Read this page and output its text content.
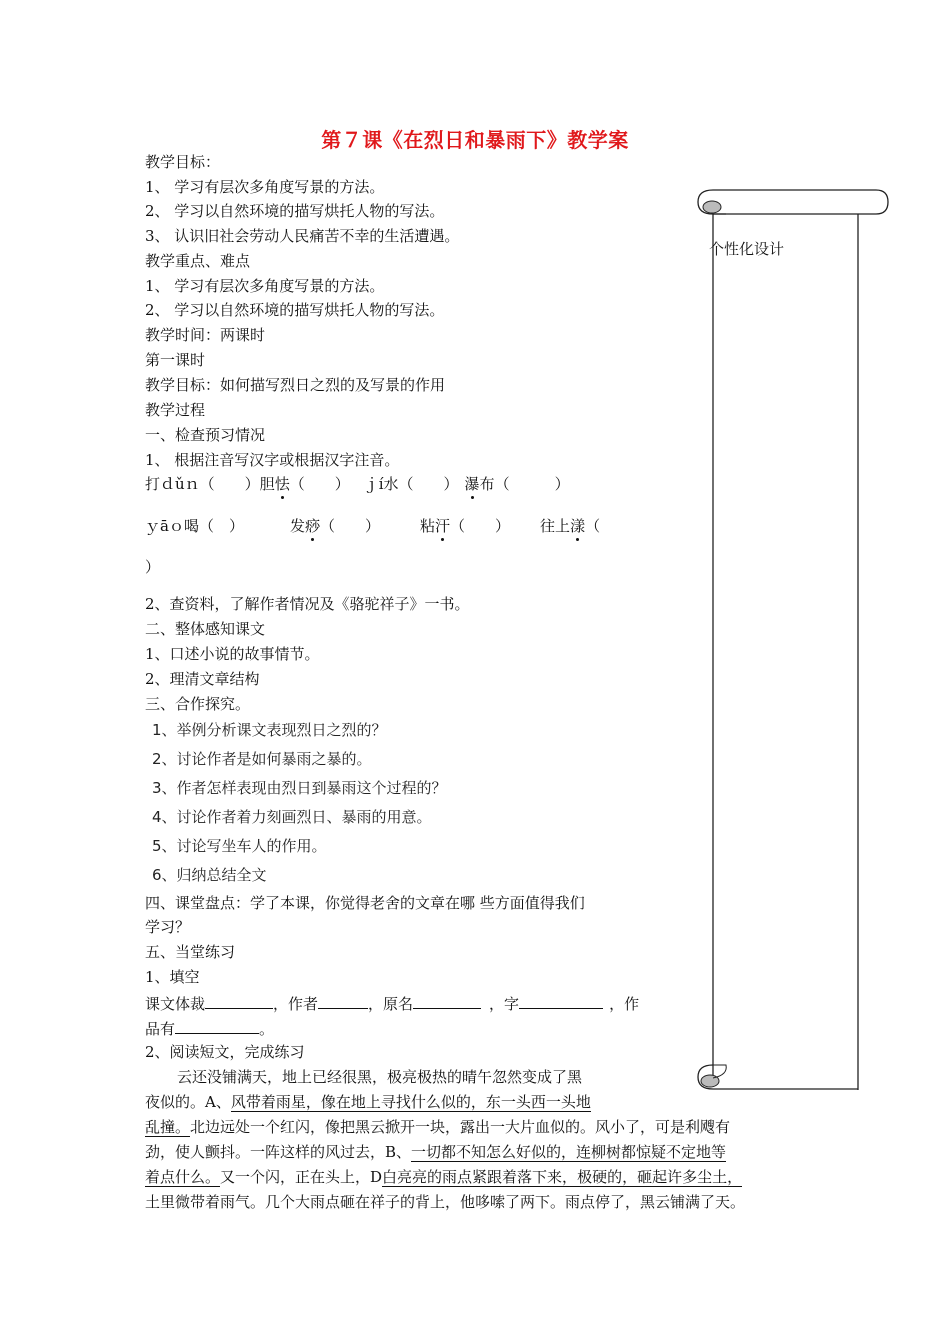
第７课《在烈日和暴雨下》教学案
个性化设计
教学目标：
1、 学习有层次多角度写景的方法。
2、 学习以自然环境的描写烘托人物的写法。
3、 认识旧社会劳动人民痛苦不幸的生活遭遇。
教学重点、难点
1、 学习有层次多角度写景的方法。
2、 学习以自然环境的描写烘托人物的写法。
教学时间：两课时
第一课时
教学目标：如何描写烈日之烈的及写景的作用
教学过程
一、检查预习情况
1、 根据注音写汉字或根据汉字注音。
打ｄǔｎ（　　）胆怯（　　） ｊí水（　　） 瀑布（　　　）
ｙāｏ喝（　）	发痧（　　）	粘汗（　　） 往上漾（
）
2、查资料，了解作者情况及《骆驼祥子》一书。
二、整体感知课文
1、口述小说的故事情节。
2、理清文章结构
三、合作探究。
1、举例分析课文表现烈日之烈的？
2、讨论作者是如何暴雨之暴的。
3、作者怎样表现由烈日到暴雨这个过程的？
4、讨论作者着力刻画烈日、暴雨的用意。
5、讨论写坐车人的作用。
6、归纳总结全文
四、课堂盘点：学了本课，你觉得老舍的文章在哪 些方面值得我们
学习？
五、当堂练习
1、填空
课文体裁	，作者	，原名	，字	，作
品有	。
2、阅读短文，完成练习
云还没铺满天，地上已经很黑，极亮极热的晴午忽然变成了黑
夜似的。A、风带着雨星，像在地上寻找什么似的，东一头西一头地
乱撞。北边远处一个红闪，像把黑云掀开一块，露出一大片血似的。风小了，可是利飕有
劲，使人颤抖。一阵这样的风过去，B、一切都不知怎么好似的，连柳树都惊疑不定地等
着点什么。又一个闪，正在头上，D白亮亮的雨点紧跟着落下来，极硬的，砸起许多尘土，
土里微带着雨气。几个大雨点砸在祥子的背上，他哆嗦了两下。雨点停了，黑云铺满了天。
